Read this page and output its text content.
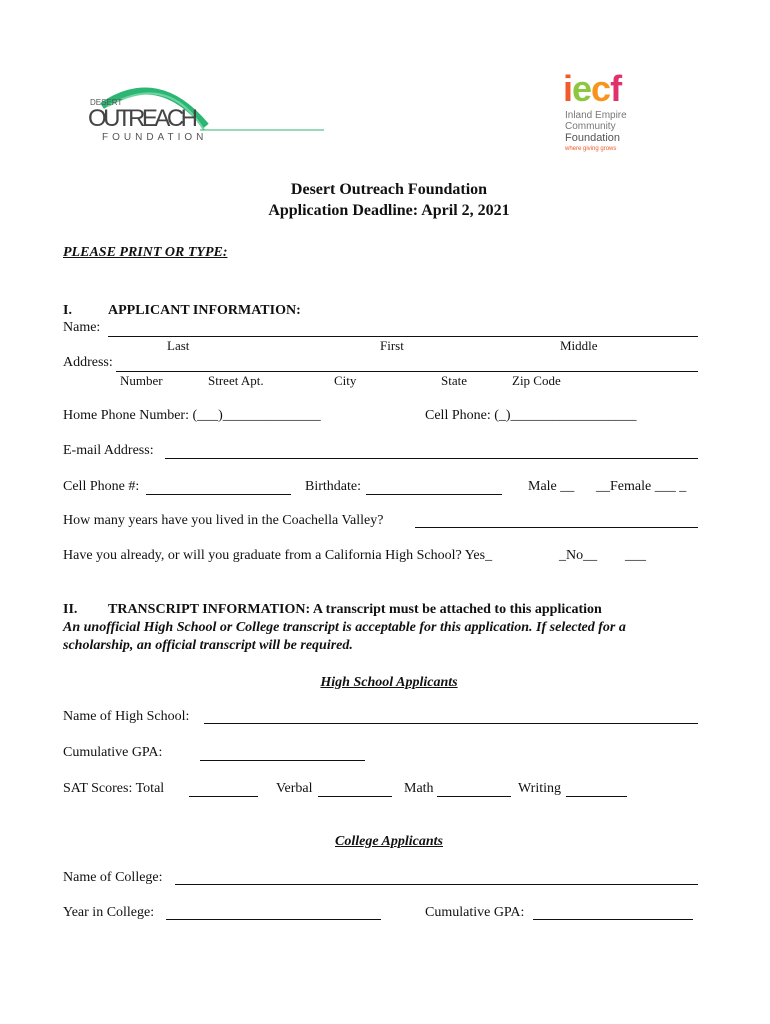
DESERT
OUTREACH
FOUNDATION
iecf
Inland Empire
Community
Foundation
where giving grows
Desert Outreach Foundation
Application Deadline: April 2, 2021
PLEASE PRINT OR TYPE:
I.	APPLICANT INFORMATION:
Name:
Last	First	Middle
Address:
Number	Street Apt.	City	State	Zip Code
Home Phone Number: (___)______________	Cell Phone: (_)__________________
E-mail Address:
Cell Phone #:	Birthdate:	Male __ __Female ___ _
How many years have you lived in the Coachella Valley?
Have you already, or will you graduate from a California High School? Yes_	_No__ ___
II. TRANSCRIPT INFORMATION: A transcript must be attached to this application
An unofficial High School or College transcript is acceptable for this application. If selected for a
scholarship, an official transcript will be required.
High School Applicants
Name of High School:
Cumulative GPA:
SAT Scores: Total	Verbal	Math	Writing
College Applicants
Name of College:
Year in College:	Cumulative GPA:
